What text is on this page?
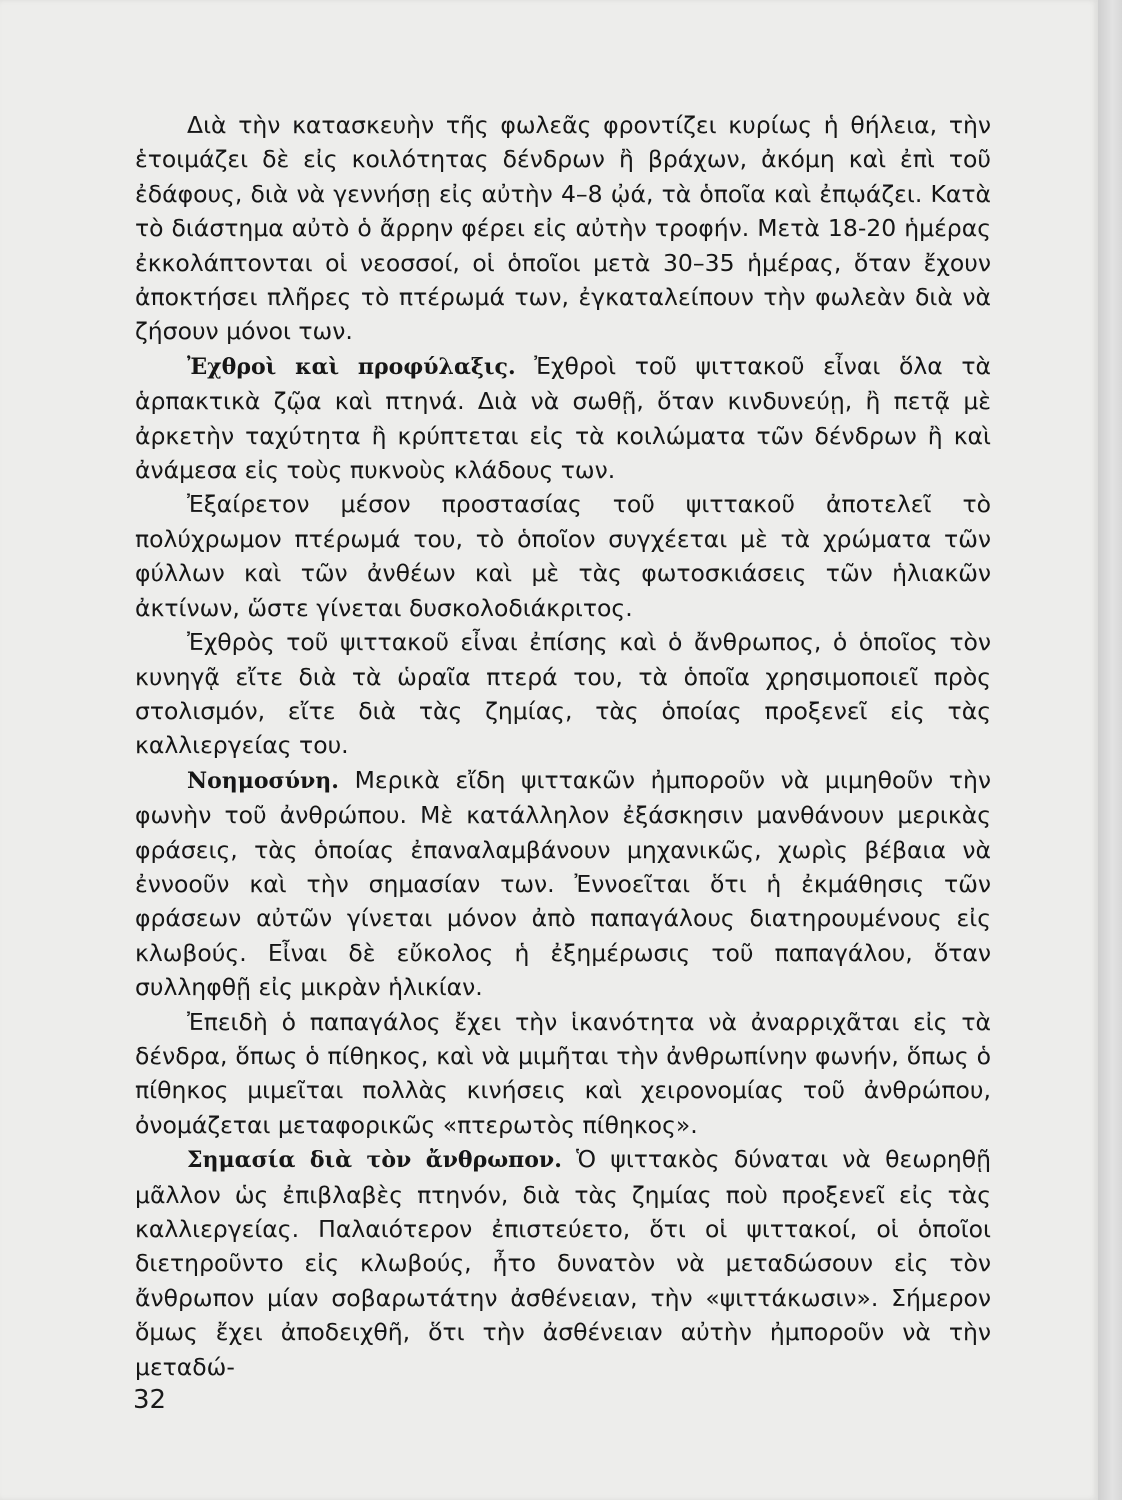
Διὰ τὴν κατασκευὴν τῆς φωλεᾶς φροντίζει κυρίως ἡ θήλεια, τὴν ἑτοιμάζει δὲ εἰς κοιλότητας δένδρων ἢ βράχων, ἀκόμη καὶ ἐπὶ τοῦ ἐδάφους, διὰ νὰ γεννήσῃ εἰς αὐτὴν 4–8 ᾠά, τὰ ὁποῖα καὶ ἐπῳάζει. Κατὰ τὸ διάστημα αὐτὸ ὁ ἄρρην φέρει εἰς αὐτὴν τροφήν. Μετὰ 18-20 ἡμέρας ἐκκολάπτονται οἱ νεοσσοί, οἱ ὁποῖοι μετὰ 30–35 ἡμέρας, ὅταν ἔχουν ἀποκτήσει πλῆρες τὸ πτέρωμά των, ἐγκαταλείπουν τὴν φωλεὰν διὰ νὰ ζήσουν μόνοι των.

Ἐχθροὶ καὶ προφύλαξις. Ἐχθροὶ τοῦ ψιττακοῦ εἶναι ὅλα τὰ ἁρπακτικὰ ζῷα καὶ πτηνά. Διὰ νὰ σωθῇ, ὅταν κινδυνεύῃ, ἢ πετᾷ μὲ ἀρκετὴν ταχύτητα ἢ κρύπτεται εἰς τὰ κοιλώματα τῶν δένδρων ἢ καὶ ἀνάμεσα εἰς τοὺς πυκνοὺς κλάδους των.

Ἐξαίρετον μέσον προστασίας τοῦ ψιττακοῦ ἀποτελεῖ τὸ πολύχρωμον πτέρωμά του, τὸ ὁποῖον συγχέεται μὲ τὰ χρώματα τῶν φύλλων καὶ τῶν ἀνθέων καὶ μὲ τὰς φωτοσκιάσεις τῶν ἡλιακῶν ἀκτίνων, ὥστε γίνεται δυσκολοδιάκριτος.

Ἐχθρὸς τοῦ ψιττακοῦ εἶναι ἐπίσης καὶ ὁ ἄνθρωπος, ὁ ὁποῖος τὸν κυνηγᾷ εἴτε διὰ τὰ ὡραῖα πτερά του, τὰ ὁποῖα χρησιμοποιεῖ πρὸς στολισμόν, εἴτε διὰ τὰς ζημίας, τὰς ὁποίας προξενεῖ εἰς τὰς καλλιεργείας του.

Νοημοσύνη. Μερικὰ εἴδη ψιττακῶν ἠμποροῦν νὰ μιμηθοῦν τὴν φωνὴν τοῦ ἀνθρώπου. Μὲ κατάλληλον ἐξάσκησιν μανθάνουν μερικὰς φράσεις, τὰς ὁποίας ἐπαναλαμβάνουν μηχανικῶς, χωρὶς βέβαια νὰ ἐννοοῦν καὶ τὴν σημασίαν των. Ἐννοεῖται ὅτι ἡ ἐκμάθησις τῶν φράσεων αὐτῶν γίνεται μόνον ἀπὸ παπαγάλους διατηρουμένους εἰς κλωβούς. Εἶναι δὲ εὔκολος ἡ ἐξημέρωσις τοῦ παπαγάλου, ὅταν συλληφθῇ εἰς μικρὰν ἡλικίαν.

Ἐπειδὴ ὁ παπαγάλος ἔχει τὴν ἱκανότητα νὰ ἀναρριχᾶται εἰς τὰ δένδρα, ὅπως ὁ πίθηκος, καὶ νὰ μιμῆται τὴν ἀνθρωπίνην φωνήν, ὅπως ὁ πίθηκος μιμεῖται πολλὰς κινήσεις καὶ χειρονομίας τοῦ ἀνθρώπου, ὀνομάζεται μεταφορικῶς «πτερωτὸς πίθηκος».

Σημασία διὰ τὸν ἄνθρωπον. Ὁ ψιττακὸς δύναται νὰ θεωρηθῇ μᾶλλον ὡς ἐπιβλαβὲς πτηνόν, διὰ τὰς ζημίας ποὺ προξενεῖ εἰς τὰς καλλιεργείας. Παλαιότερον ἐπιστεύετο, ὅτι οἱ ψιττακοί, οἱ ὁποῖοι διετηροῦντο εἰς κλωβούς, ἦτο δυνατὸν νὰ μεταδώσουν εἰς τὸν ἄνθρωπον μίαν σοβαρωτάτην ἀσθένειαν, τὴν «ψιττάκωσιν». Σήμερον ὅμως ἔχει ἀποδειχθῆ, ὅτι τὴν ἀσθένειαν αὐτὴν ἠμποροῦν νὰ τὴν μεταδώ-

32
